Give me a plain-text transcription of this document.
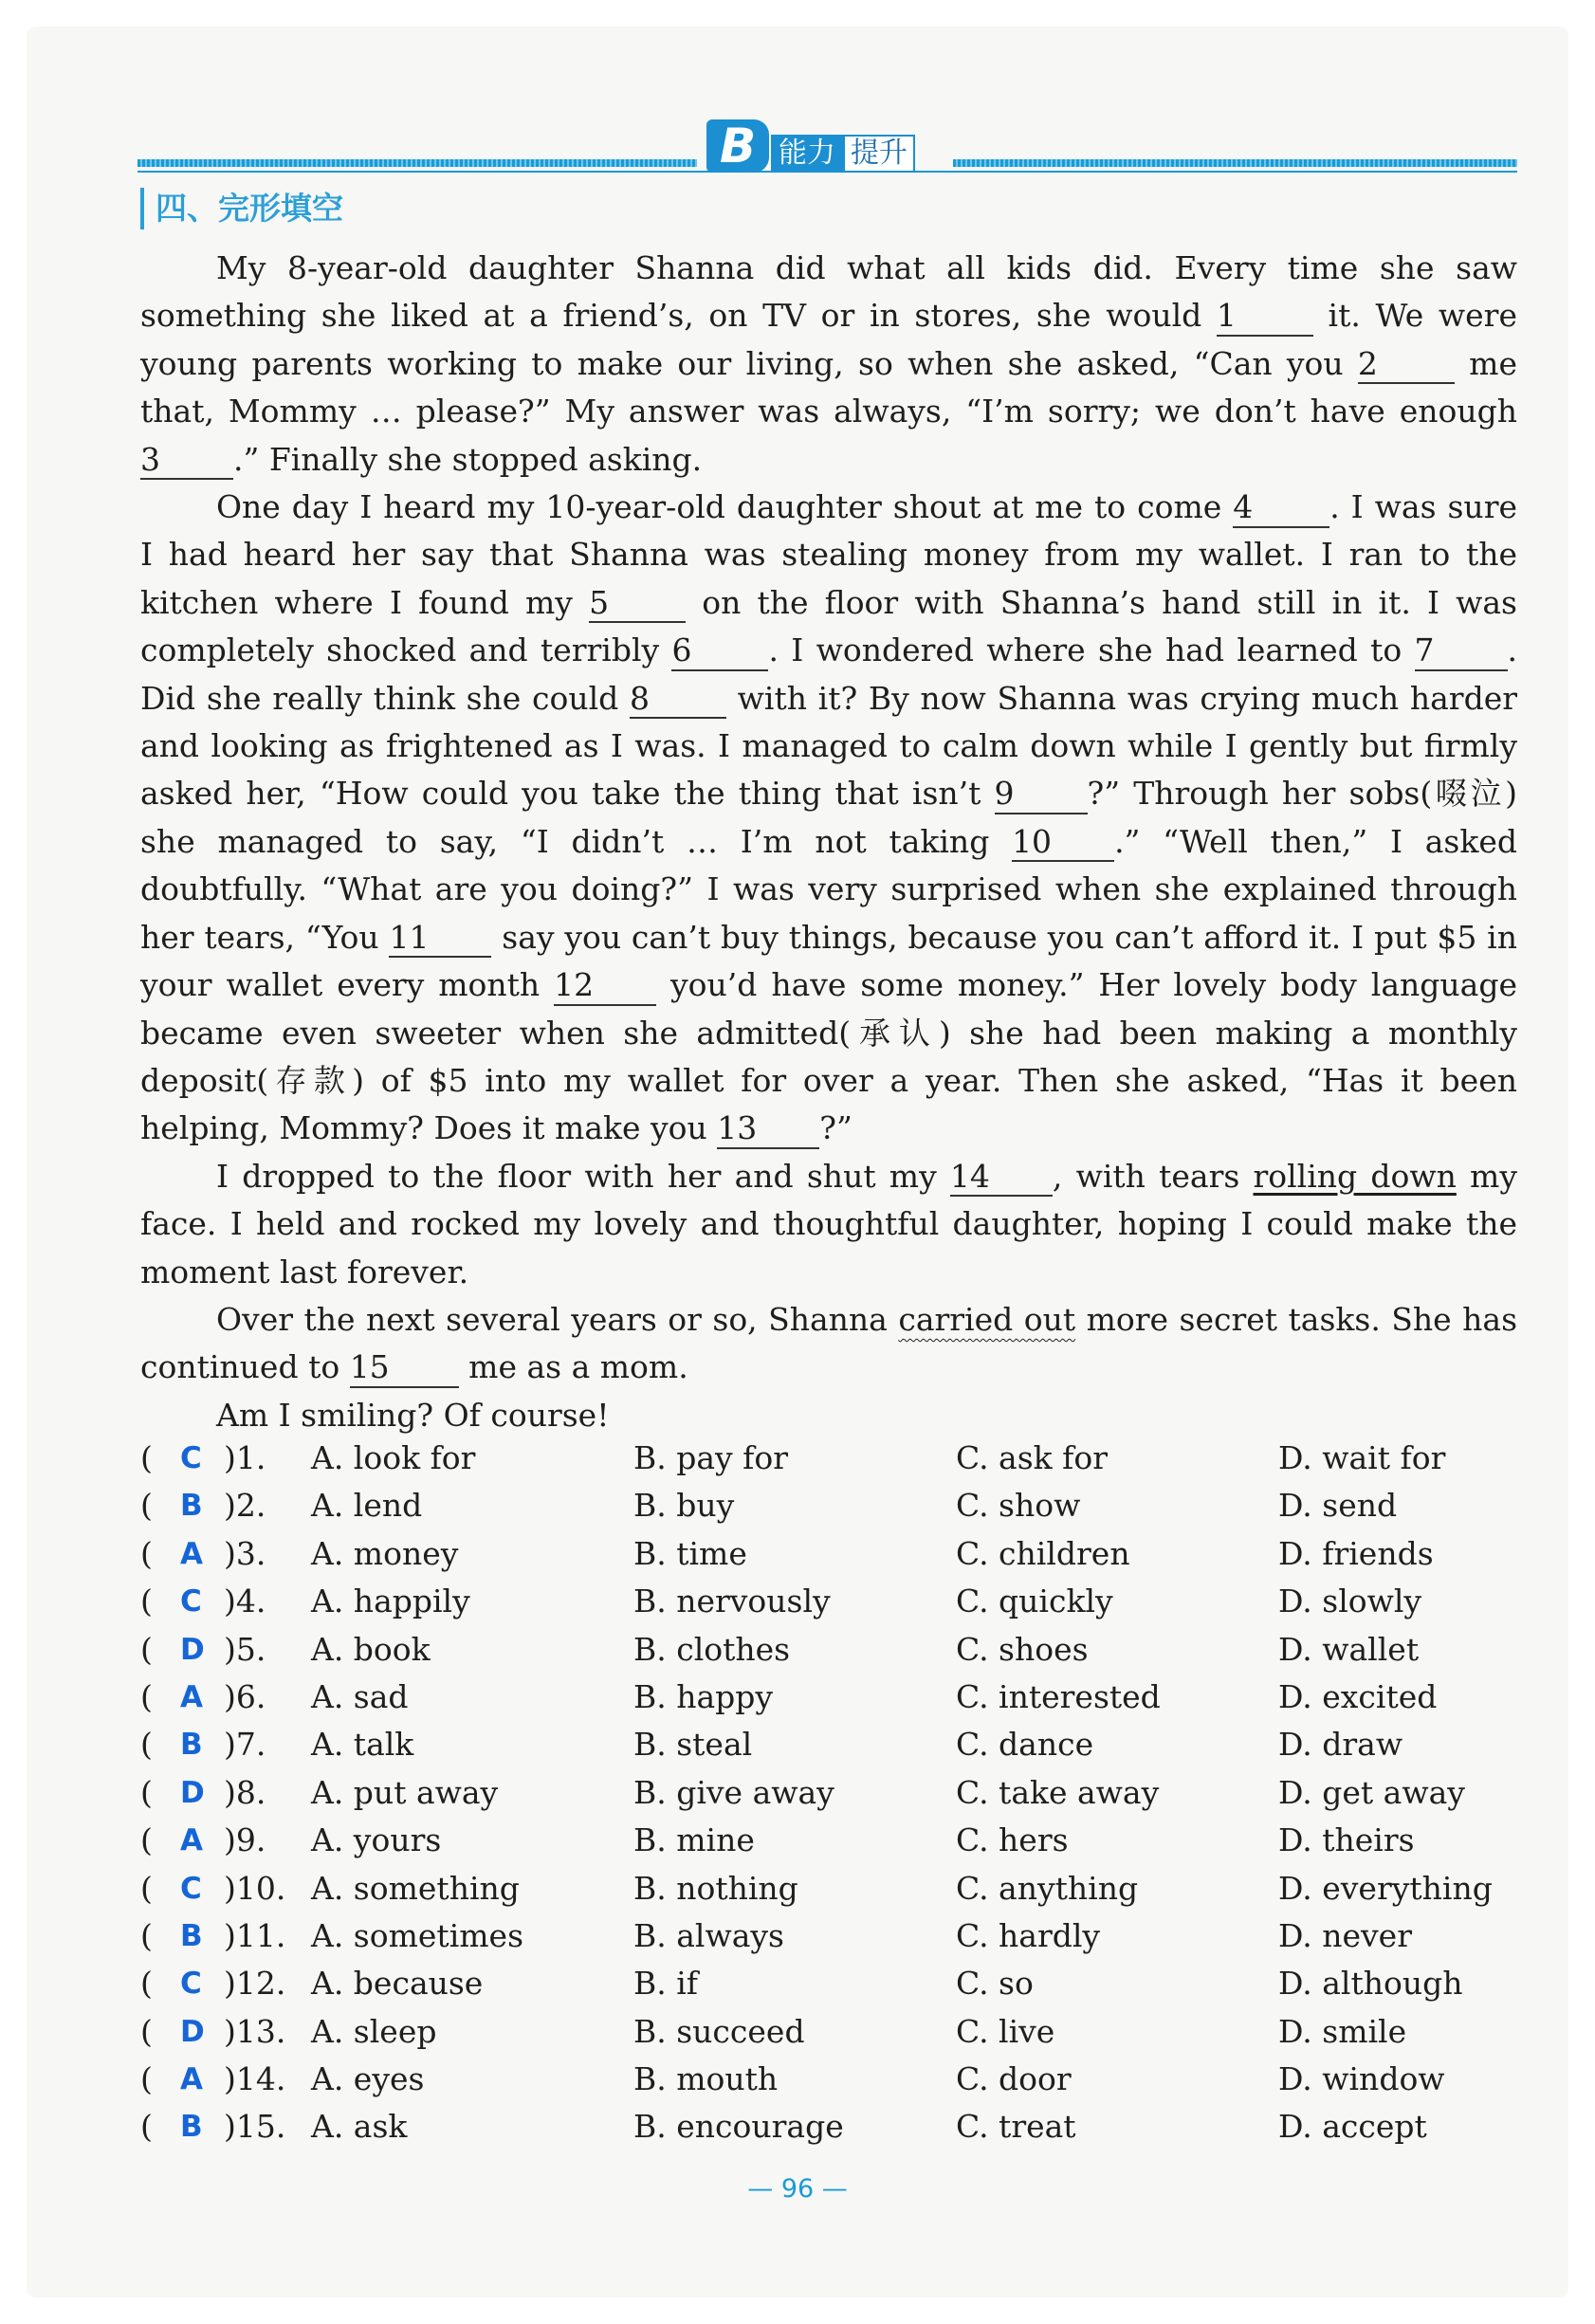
B 能力 提升
四、完形填空

My 8-year-old daughter Shanna did what all kids did. Every time she saw something she liked at a friend’s, on TV or in stores, she would 1 it. We were young parents working to make our living, so when she asked, “Can you 2 me that, Mommy … please?” My answer was always, “I’m sorry; we don’t have enough 3 .” Finally she stopped asking.

One day I heard my 10-year-old daughter shout at me to come 4 . I was sure I had heard her say that Shanna was stealing money from my wallet. I ran to the kitchen where I found my 5 on the floor with Shanna’s hand still in it. I was completely shocked and terribly 6 . I wondered where she had learned to 7 . Did she really think she could 8 with it? By now Shanna was crying much harder and looking as frightened as I was. I managed to calm down while I gently but firmly asked her, “How could you take the thing that isn’t 9 ?” Through her sobs(啜泣) she managed to say, “I didn’t … I’m not taking 10 .” “Well then,” I asked doubtfully. “What are you doing?” I was very surprised when she explained through her tears, “You 11 say you can’t buy things, because you can’t afford it. I put $5 in your wallet every month 12 you’d have some money.” Her lovely body language became even sweeter when she admitted(承认) she had been making a monthly deposit(存款) of $5 into my wallet for over a year. Then she asked, “Has it been helping, Mommy? Does it make you 13 ?”

I dropped to the floor with her and shut my 14 , with tears rolling down my face. I held and rocked my lovely and thoughtful daughter, hoping I could make the moment last forever.

Over the next several years or so, Shanna carried out more secret tasks. She has continued to 15 me as a mom.

Am I smiling? Of course!

( C )1. A. look for	B. pay for	C. ask for	D. wait for
( B )2. A. lend	B. buy	C. show	D. send
( A )3. A. money	B. time	C. children	D. friends
( C )4. A. happily	B. nervously	C. quickly	D. slowly
( D )5. A. book	B. clothes	C. shoes	D. wallet
( A )6. A. sad	B. happy	C. interested	D. excited
( B )7. A. talk	B. steal	C. dance	D. draw
( D )8. A. put away	B. give away	C. take away	D. get away
( A )9. A. yours	B. mine	C. hers	D. theirs
( C )10. A. something	B. nothing	C. anything	D. everything
( B )11. A. sometimes	B. always	C. hardly	D. never
( C )12. A. because	B. if	C. so	D. although
( D )13. A. sleep	B. succeed	C. live	D. smile
( A )14. A. eyes	B. mouth	C. door	D. window
( B )15. A. ask	B. encourage	C. treat	D. accept
— 96 —
